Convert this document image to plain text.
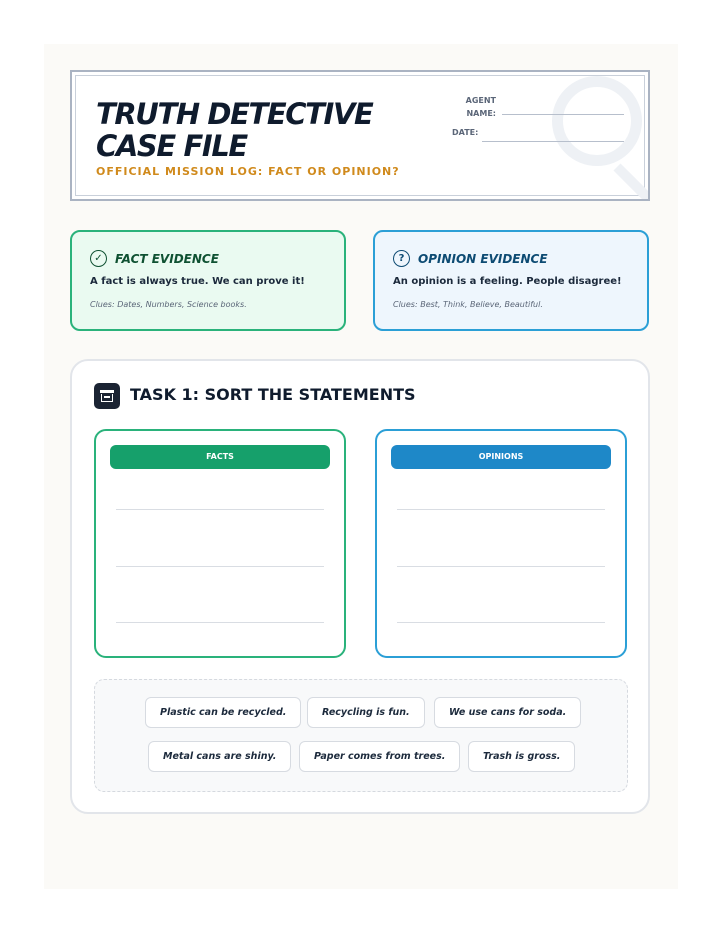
TRUTH DETECTIVE
CASE FILE
OFFICIAL MISSION LOG: FACT OR OPINION?
AGENT
NAME:
DATE:
✓	FACT EVIDENCE
A fact is always true. We can prove it!
Clues: Dates, Numbers, Science books.
?	OPINION EVIDENCE
An opinion is a feeling. People disagree!
Clues: Best, Think, Believe, Beautiful.
TASK 1: SORT THE STATEMENTS
FACTS	OPINIONS
Plastic can be recycled.	Recycling is fun.	We use cans for soda.
Metal cans are shiny.	Paper comes from trees.	Trash is gross.
